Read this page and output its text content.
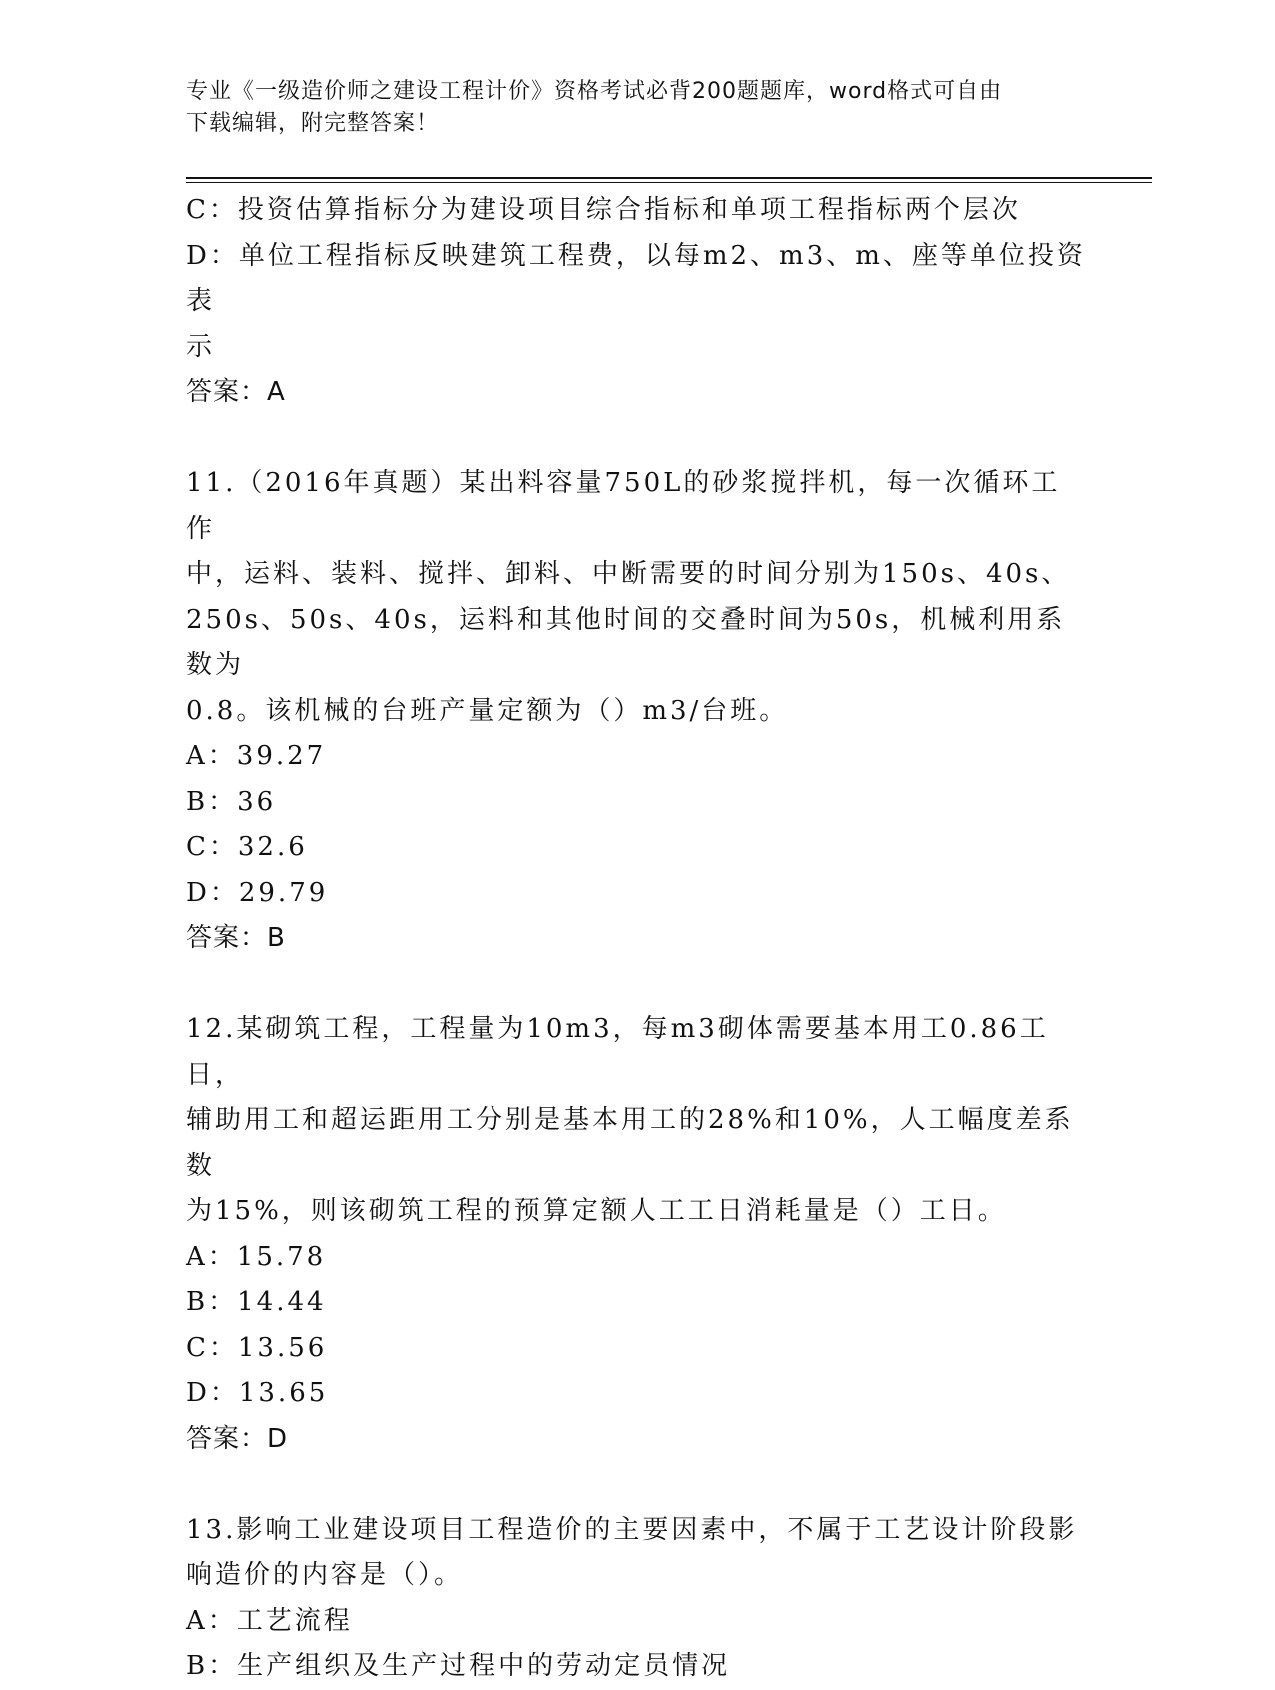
专业《一级造价师之建设工程计价》资格考试必背200题题库，word格式可自由
下载编辑，附完整答案！
C：投资估算指标分为建设项目综合指标和单项工程指标两个层次
D：单位工程指标反映建筑工程费，以每m2、m3、m、座等单位投资表
示
答案：A
11.（2016年真题）某出料容量750L的砂浆搅拌机，每一次循环工作
中，运料、装料、搅拌、卸料、中断需要的时间分别为150s、40s、
250s、50s、40s，运料和其他时间的交叠时间为50s，机械利用系数为
0.8。该机械的台班产量定额为（）m3/台班。
A：39.27
B：36
C：32.6
D：29.79
答案：B
12.某砌筑工程，工程量为10m3，每m3砌体需要基本用工0.86工日，
辅助用工和超运距用工分别是基本用工的28%和10%，人工幅度差系数
为15%，则该砌筑工程的预算定额人工工日消耗量是（）工日。
A：15.78
B：14.44
C：13.56
D：13.65
答案：D
13.影响工业建设项目工程造价的主要因素中，不属于工艺设计阶段影
响造价的内容是（）。
A：工艺流程
B：生产组织及生产过程中的劳动定员情况
